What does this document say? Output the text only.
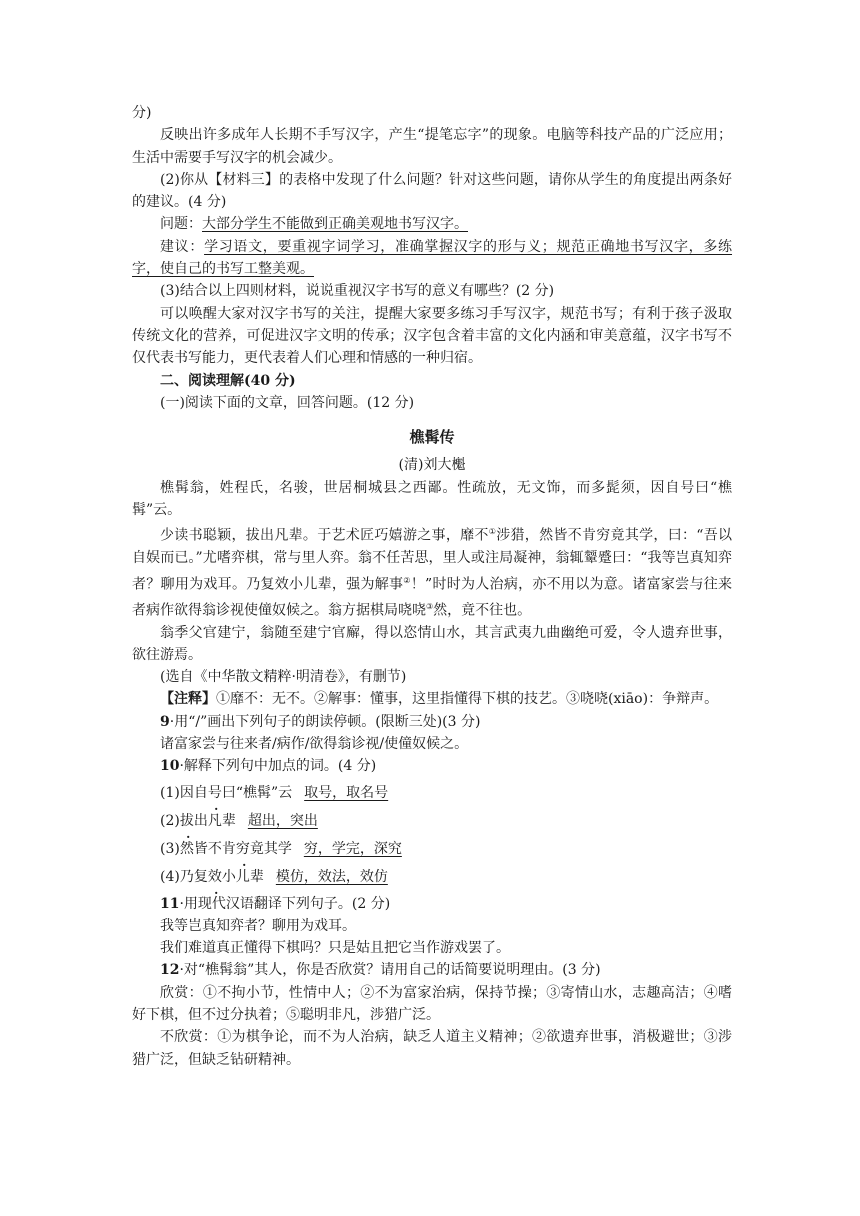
分)

反映出许多成年人长期不手写汉字，产生“提笔忘字”的现象。电脑等科技产品的广泛应用；生活中需要手写汉字的机会减少。

(2)你从【材料三】的表格中发现了什么问题？针对这些问题，请你从学生的角度提出两条好的建议。(4 分)

问题：大部分学生不能做到正确美观地书写汉字。

建议：学习语文，要重视字词学习，准确掌握汉字的形与义；规范正确地书写汉字，多练字，使自己的书写工整美观。

(3)结合以上四则材料，说说重视汉字书写的意义有哪些？(2 分)

可以唤醒大家对汉字书写的关注，提醒大家要多练习手写汉字，规范书写；有利于孩子汲取传统文化的营养，可促进汉字文明的传承；汉字包含着丰富的文化内涵和审美意蕴，汉字书写不仅代表书写能力，更代表着人们心理和情感的一种归宿。

二、阅读理解(40 分)

(一)阅读下面的文章，回答问题。(12 分)

樵髯传

(清)刘大櫆

樵髯翁，姓程氏，名骏，世居桐城县之西鄙。性疏放，无文饰，而多髭须，因自号曰“樵髯”云。

少读书聪颖，拔出凡辈。于艺术匠巧嬉游之事，靡不①涉猎，然皆不肯穷竟其学，曰：“吾以自娱而已。”尤嗜弈棋，常与里人弈。翁不任苦思，里人或注局凝神，翁辄颦蹙曰：“我等岂真知弈者？聊用为戏耳。乃复效小儿辈，强为解事②！”时时为人治病，亦不用以为意。诸富家尝与往来者病作欲得翁诊视使僮奴候之。翁方据棋局哓哓③然，竟不往也。

翁季父官建宁，翁随至建宁官廨，得以恣情山水，其言武夷九曲幽绝可爱，令人遗弃世事，欲往游焉。

(选自《中华散文精粹·明清卷》，有删节)

【注释】①靡不：无不。②解事：懂事，这里指懂得下棋的技艺。③哓哓(xiāo)：争辩声。

9·用“/”画出下列句子的朗读停顿。(限断三处)(3 分)

诸富家尝与往来者/病作/欲得翁诊视/使僮奴候之。

10·解释下列句中加点的词。(4 分)

(1)因自号曰“樵髯”云 取号，取名号

(2)拔出凡辈 超出，突出

(3)然皆不肯穷竟其学 穷，学完，深究

(4)乃复效小儿辈 模仿，效法，效仿

11·用现代汉语翻译下列句子。(2 分)

我等岂真知弈者？聊用为戏耳。

我们难道真正懂得下棋吗？只是姑且把它当作游戏罢了。

12·对“樵髯翁”其人，你是否欣赏？请用自己的话简要说明理由。(3 分)

欣赏：①不拘小节，性情中人；②不为富家治病，保持节操；③寄情山水，志趣高洁；④嗜好下棋，但不过分执着；⑤聪明非凡，涉猎广泛。

不欣赏：①为棋争论，而不为人治病，缺乏人道主义精神；②欲遗弃世事，消极避世；③涉猎广泛，但缺乏钻研精神。
